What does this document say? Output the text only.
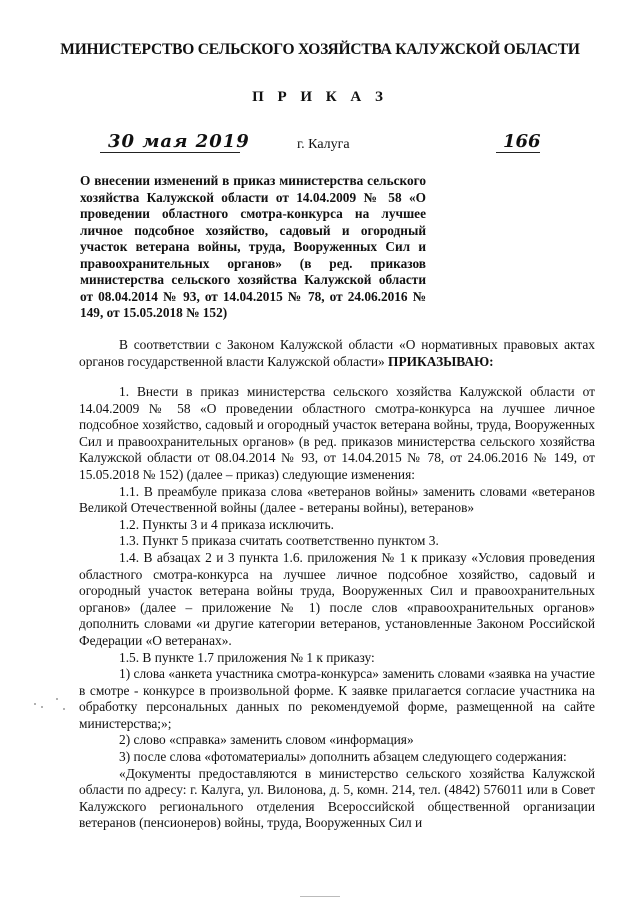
МИНИСТЕРСТВО СЕЛЬСКОГО ХОЗЯЙСТВА КАЛУЖСКОЙ ОБЛАСТИ
П Р И К А З
30 мая 2019	г. Калуга	166
О внесении изменений в приказ министерства сельского хозяйства Калужской области от 14.04.2009 № 58 «О проведении областного смотра-конкурса на лучшее личное подсобное хозяйство, садовый и огородный участок ветерана войны, труда, Вооруженных Сил и правоохранительных органов» (в ред. приказов министерства сельского хозяйства Калужской области от 08.04.2014 № 93, от 14.04.2015 № 78, от 24.06.2016 № 149, от 15.05.2018 № 152)

В соответствии с Законом Калужской области «О нормативных правовых актах органов государственной власти Калужской области» ПРИКАЗЫВАЮ:

1. Внести в приказ министерства сельского хозяйства Калужской области от 14.04.2009 № 58 «О проведении областного смотра-конкурса на лучшее личное подсобное хозяйство, садовый и огородный участок ветерана войны, труда, Вооруженных Сил и правоохранительных органов» (в ред. приказов министерства сельского хозяйства Калужской области от 08.04.2014 № 93, от 14.04.2015 № 78, от 24.06.2016 № 149, от 15.05.2018 № 152) (далее – приказ) следующие изменения:

1.1. В преамбуле приказа слова «ветеранов войны» заменить словами «ветеранов Великой Отечественной войны (далее - ветераны войны), ветеранов»

1.2. Пункты 3 и 4 приказа исключить.

1.3. Пункт 5 приказа считать соответственно пунктом 3.

1.4. В абзацах 2 и 3 пункта 1.6. приложения № 1 к приказу «Условия проведения областного смотра-конкурса на лучшее личное подсобное хозяйство, садовый и огородный участок ветерана войны труда, Вооруженных Сил и правоохранительных органов» (далее – приложение № 1) после слов «правоохранительных органов» дополнить словами «и другие категории ветеранов, установленные Законом Российской Федерации «О ветеранах».

1.5. В пункте 1.7 приложения № 1 к приказу:

1) слова «анкета участника смотра-конкурса» заменить словами «заявка на участие в смотре - конкурсе в произвольной форме. К заявке прилагается согласие участника на обработку персональных данных по рекомендуемой форме, размещенной на сайте министерства;»;

2) слово «справка» заменить словом «информация»

3) после слова «фотоматериалы» дополнить абзацем следующего содержания:

«Документы предоставляются в министерство сельского хозяйства Калужской области по адресу: г. Калуга, ул. Вилонова, д. 5, комн. 214, тел. (4842) 576011 или в Совет Калужского регионального отделения Всероссийской общественной организации ветеранов (пенсионеров) войны, труда, Вооруженных Сил и
